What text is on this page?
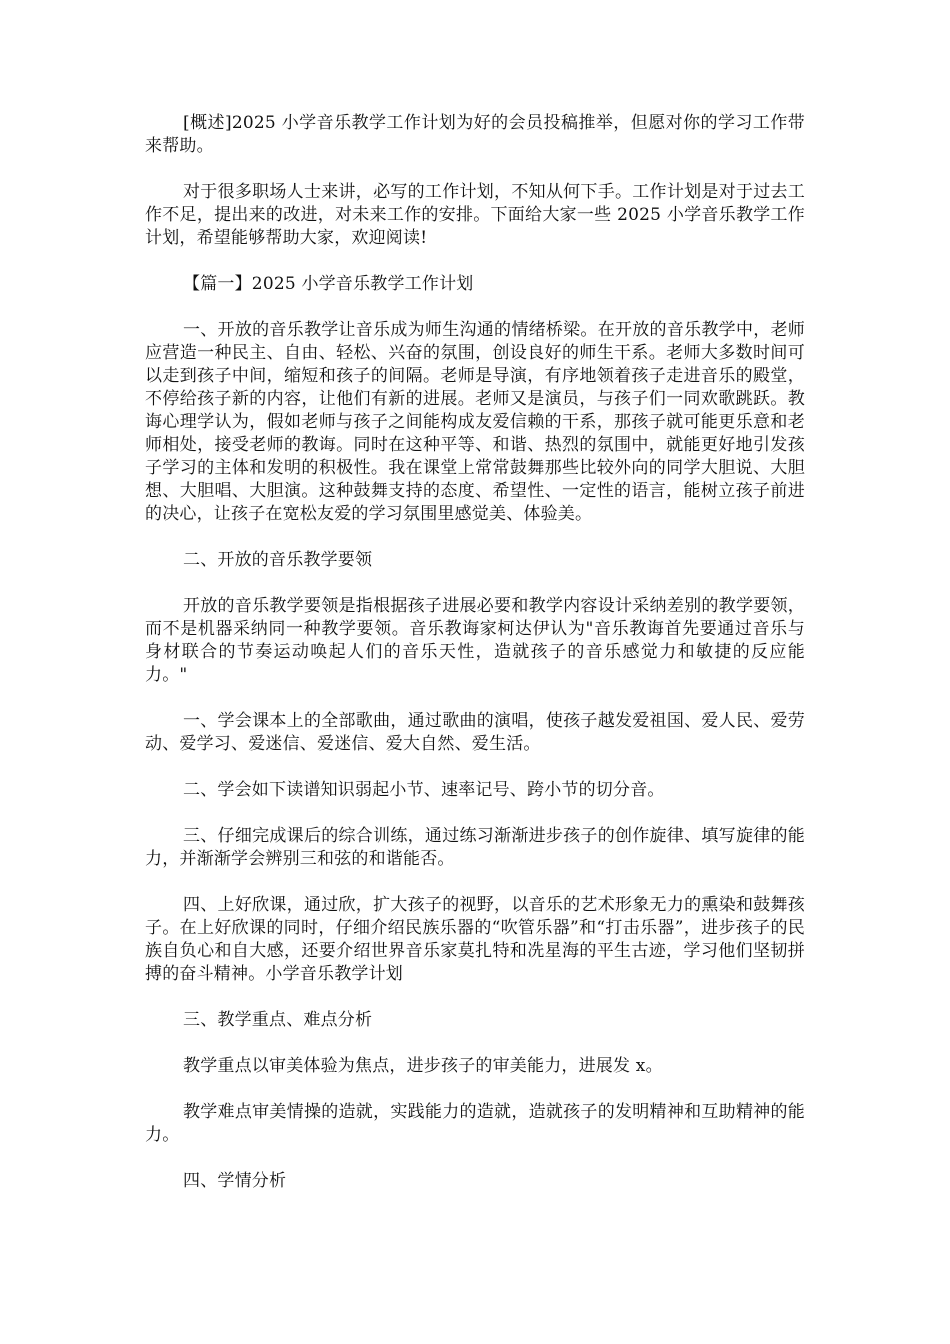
[概述]2025 小学音乐教学工作计划为好的会员投稿推举，但愿对你的学习工作带来帮助。

对于很多职场人士来讲，必写的工作计划，不知从何下手。工作计划是对于过去工作不足，提出来的改进，对未来工作的安排。下面给大家一些 2025 小学音乐教学工作计划，希望能够帮助大家，欢迎阅读!

【篇一】2025 小学音乐教学工作计划

一、开放的音乐教学让音乐成为师生沟通的情绪桥梁。在开放的音乐教学中，老师应营造一种民主、自由、轻松、兴奋的氛围，创设良好的师生干系。老师大多数时间可以走到孩子中间，缩短和孩子的间隔。老师是导演，有序地领着孩子走进音乐的殿堂，不停给孩子新的内容，让他们有新的进展。老师又是演员，与孩子们一同欢歌跳跃。教诲心理学认为，假如老师与孩子之间能构成友爱信赖的干系，那孩子就可能更乐意和老师相处，接受老师的教诲。同时在这种平等、和谐、热烈的氛围中，就能更好地引发孩子学习的主体和发明的积极性。我在课堂上常常鼓舞那些比较外向的同学大胆说、大胆想、大胆唱、大胆演。这种鼓舞支持的态度、希望性、一定性的语言，能树立孩子前进的决心，让孩子在宽松友爱的学习氛围里感觉美、体验美。

二、开放的音乐教学要领

开放的音乐教学要领是指根据孩子进展必要和教学内容设计采纳差别的教学要领，而不是机器采纳同一种教学要领。音乐教诲家柯达伊认为"音乐教诲首先要通过音乐与身材联合的节奏运动唤起人们的音乐天性，造就孩子的音乐感觉力和敏捷的反应能力。"

一、学会课本上的全部歌曲，通过歌曲的演唱，使孩子越发爱祖国、爱人民、爱劳动、爱学习、爱迷信、爱迷信、爱大自然、爱生活。

二、学会如下读谱知识弱起小节、速率记号、跨小节的切分音。

三、仔细完成课后的综合训练，通过练习渐渐进步孩子的创作旋律、填写旋律的能力，并渐渐学会辨别三和弦的和谐能否。

四、上好欣课，通过欣，扩大孩子的视野，以音乐的艺术形象无力的熏染和鼓舞孩子。在上好欣课的同时，仔细介绍民族乐器的“吹管乐器”和“打击乐器”，进步孩子的民族自负心和自大感，还要介绍世界音乐家莫扎特和冼星海的平生古迹，学习他们坚韧拼搏的奋斗精神。小学音乐教学计划

三、教学重点、难点分析

教学重点以审美体验为焦点，进步孩子的审美能力，进展发 x。

教学难点审美情操的造就，实践能力的造就，造就孩子的发明精神和互助精神的能力。

四、学情分析
